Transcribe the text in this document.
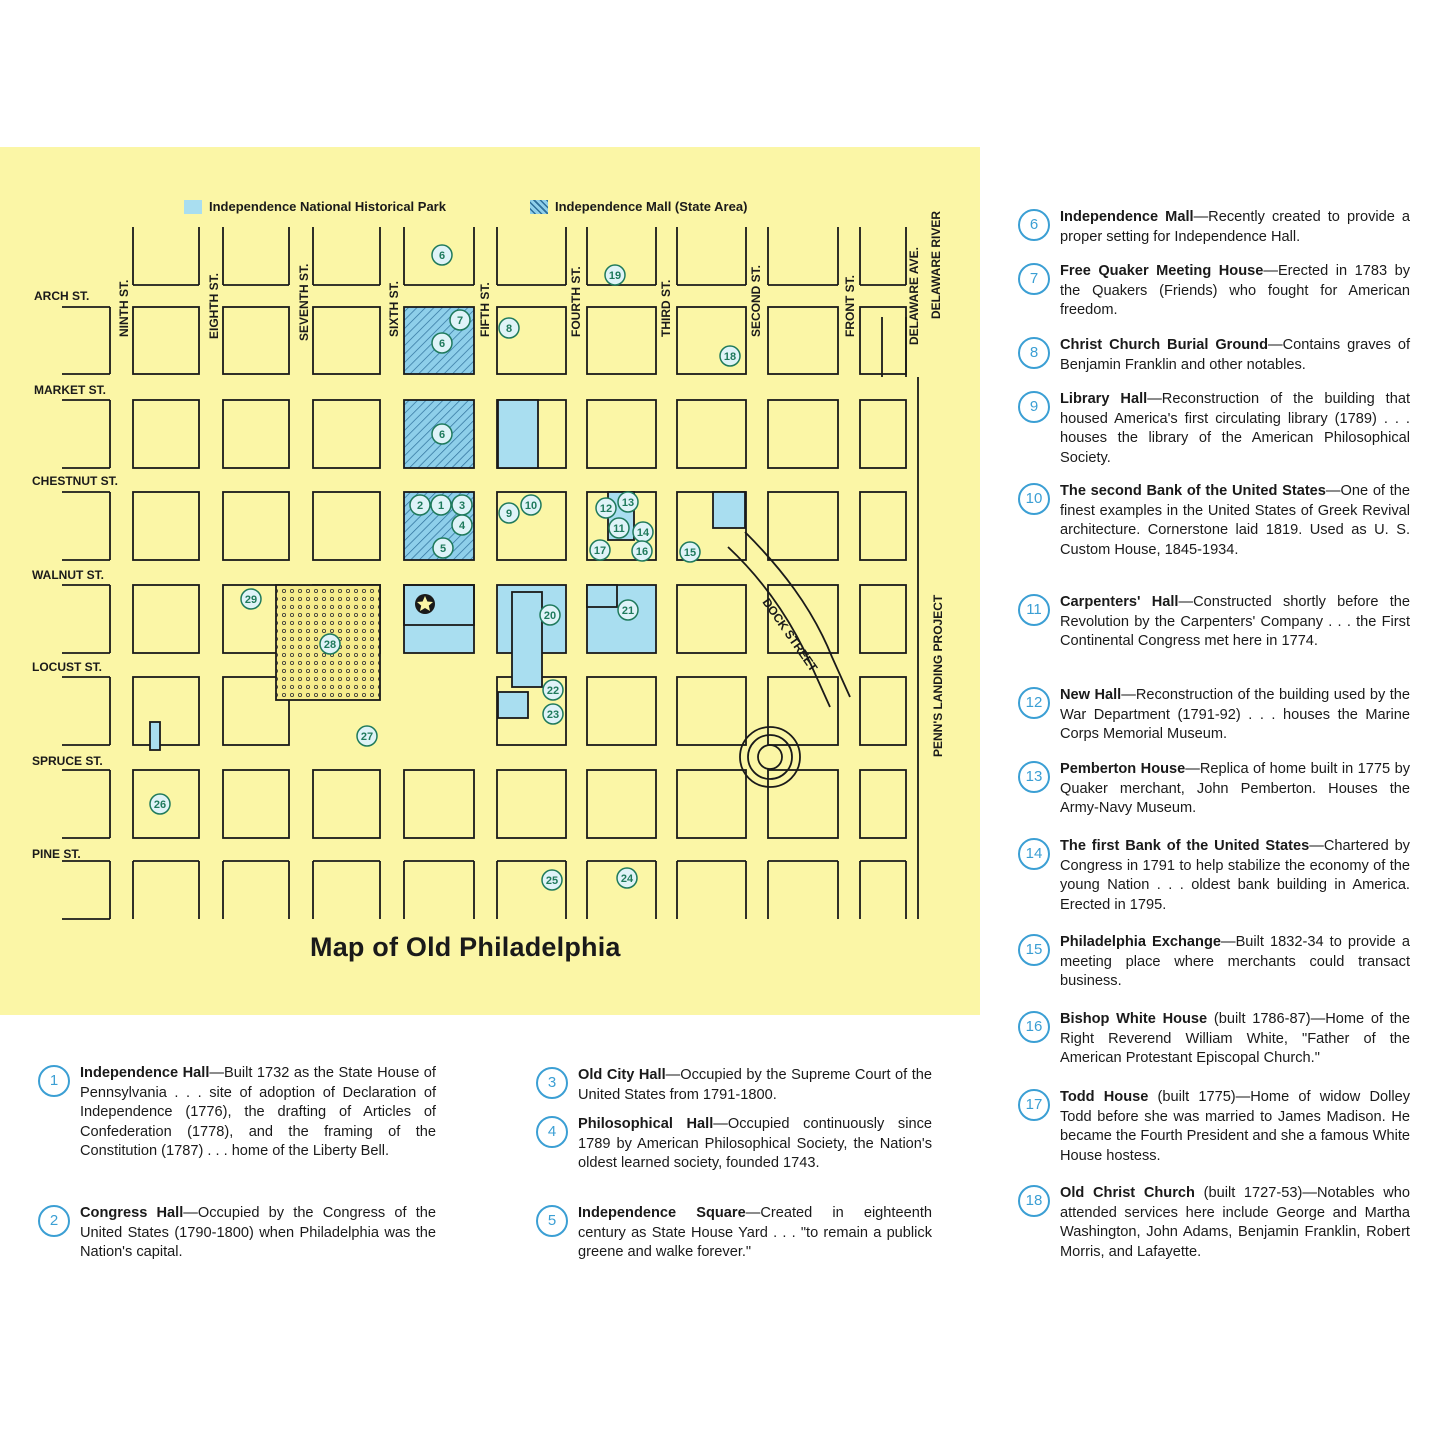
ARCH ST.
MARKET ST.
CHESTNUT ST.
WALNUT ST.
LOCUST ST.
SPRUCE ST.
PINE ST.
NINTH ST.	EIGHTH ST.	SEVENTH ST.	SIXTH ST.	FIFTH ST.	FOURTH ST.	THIRD ST.	SECOND ST.	FRONT ST.	DELAWARE AVE. DELAWARE RIVER
PENN'S LANDING PROJECT
DOCK STREET
6
7
6
6
2 1 3
4
5
9
10	12 13
11 14
17	16	15
8
18
19
20	21
22
23
24
25
26
27
28
29
Independence National Historical Park	Independence Mall (State Area)
Map of Old Philadelphia
6	Independence Mall—Recently created to provide a proper setting for Independence Hall.
7	Free Quaker Meeting House—Erected in 1783 by the Quakers (Friends) who fought for American freedom.
8	Christ Church Burial Ground—Contains graves of Benjamin Franklin and other notables.
9	Library Hall—Reconstruction of the building that housed America's first circulating library (1789) . . . houses the library of the American Philosophical Society.
10	The second Bank of the United States—One of the finest examples in the United States of Greek Revival architecture. Cornerstone laid 1819. Used as U. S. Custom House, 1845-1934.
11	Carpenters' Hall—Constructed shortly before the Revolution by the Carpenters' Company . . . the First Continental Congress met here in 1774.
12	New Hall—Reconstruction of the building used by the War Department (1791-92) . . . houses the Marine Corps Memorial Museum.
13	Pemberton House—Replica of home built in 1775 by Quaker merchant, John Pemberton. Houses the Army-Navy Museum.
14	The first Bank of the United States—Chartered by Congress in 1791 to help stabilize the economy of the young Nation . . . oldest bank building in America. Erected in 1795.
15	Philadelphia Exchange—Built 1832-34 to provide a meeting place where merchants could transact business.
16	Bishop White House (built 1786-87)—Home of the Right Reverend William White, "Father of the American Protestant Episcopal Church."
17	Todd House (built 1775)—Home of widow Dolley Todd before she was married to James Madison. He became the Fourth President and she a famous White House hostess.
18	Old Christ Church (built 1727-53)—Notables who attended services here include George and Martha Washington, John Adams, Benjamin Franklin, Robert Morris, and Lafayette.
1	Independence Hall—Built 1732 as the State House of Pennsylvania . . . site of adoption of Declaration of Independence (1776), the drafting of Articles of Confederation (1778), and the framing of the Constitution (1787) . . . home of the Liberty Bell.
2	Congress Hall—Occupied by the Congress of the United States (1790-1800) when Philadelphia was the Nation's capital.
3	Old City Hall—Occupied by the Supreme Court of the United States from 1791-1800.
4	Philosophical Hall—Occupied continuously since 1789 by American Philosophical Society, the Nation's oldest learned society, founded 1743.
5	Independence Square—Created in eighteenth century as State House Yard . . . "to remain a publick greene and walke forever."
